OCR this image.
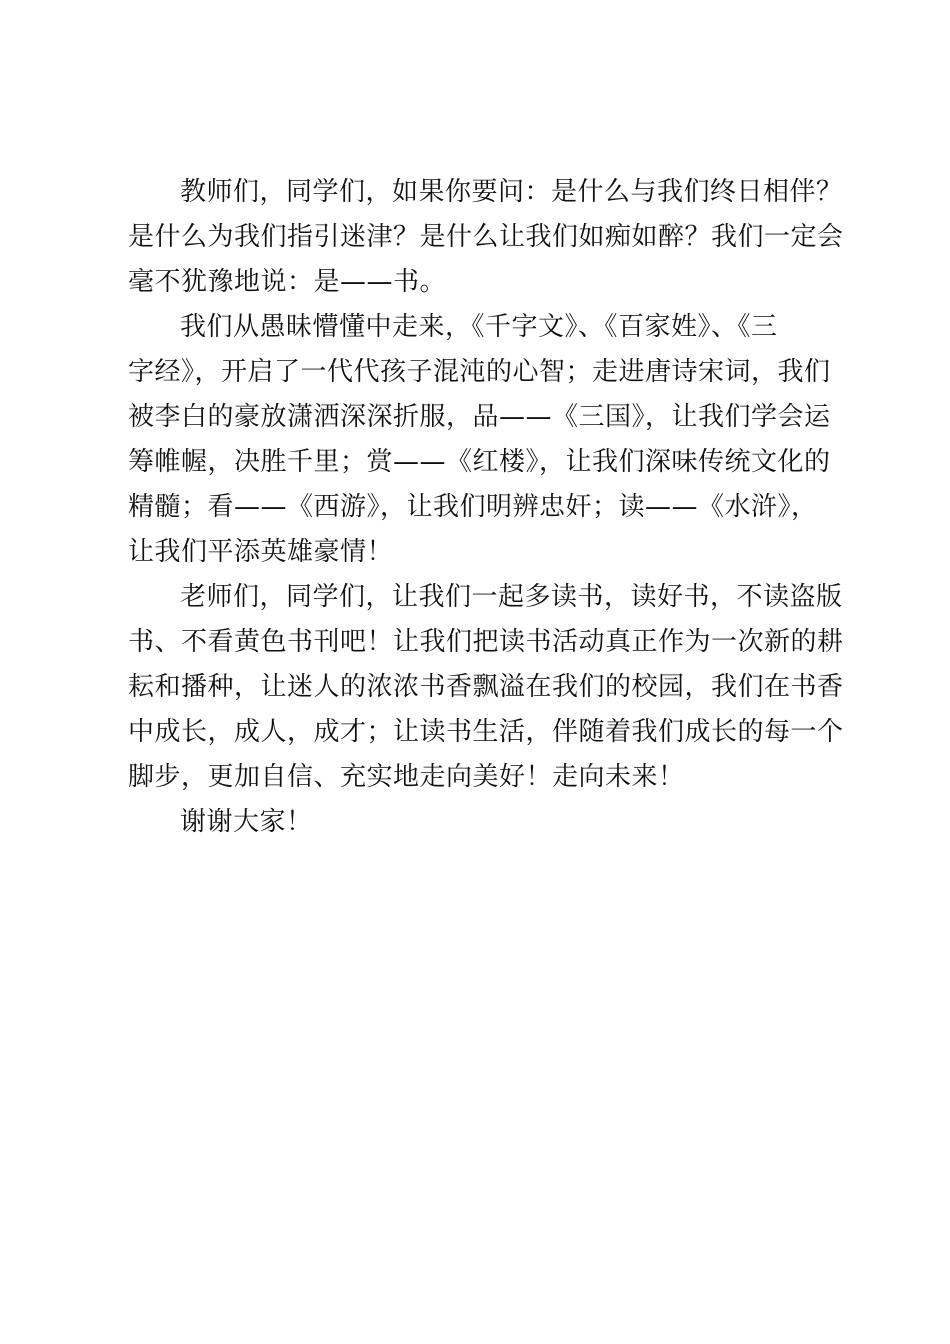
教师们，同学们，如果你要问：是什么与我们终日相伴？
是什么为我们指引迷津？是什么让我们如痴如醉？我们一定会
毫不犹豫地说：是——书。
我们从愚昧懵懂中走来，《千字文》、《百家姓》、《三
字经》，开启了一代代孩子混沌的心智；走进唐诗宋词，我们
被李白的豪放潇洒深深折服，品——《三国》，让我们学会运
筹帷幄，决胜千里；赏——《红楼》，让我们深味传统文化的
精髓；看——《西游》，让我们明辨忠奸；读——《水浒》，
让我们平添英雄豪情！
老师们，同学们，让我们一起多读书，读好书，不读盗版
书、不看黄色书刊吧！让我们把读书活动真正作为一次新的耕
耘和播种，让迷人的浓浓书香飘溢在我们的校园，我们在书香
中成长，成人，成才；让读书生活，伴随着我们成长的每一个
脚步，更加自信、充实地走向美好！走向未来！
谢谢大家！
